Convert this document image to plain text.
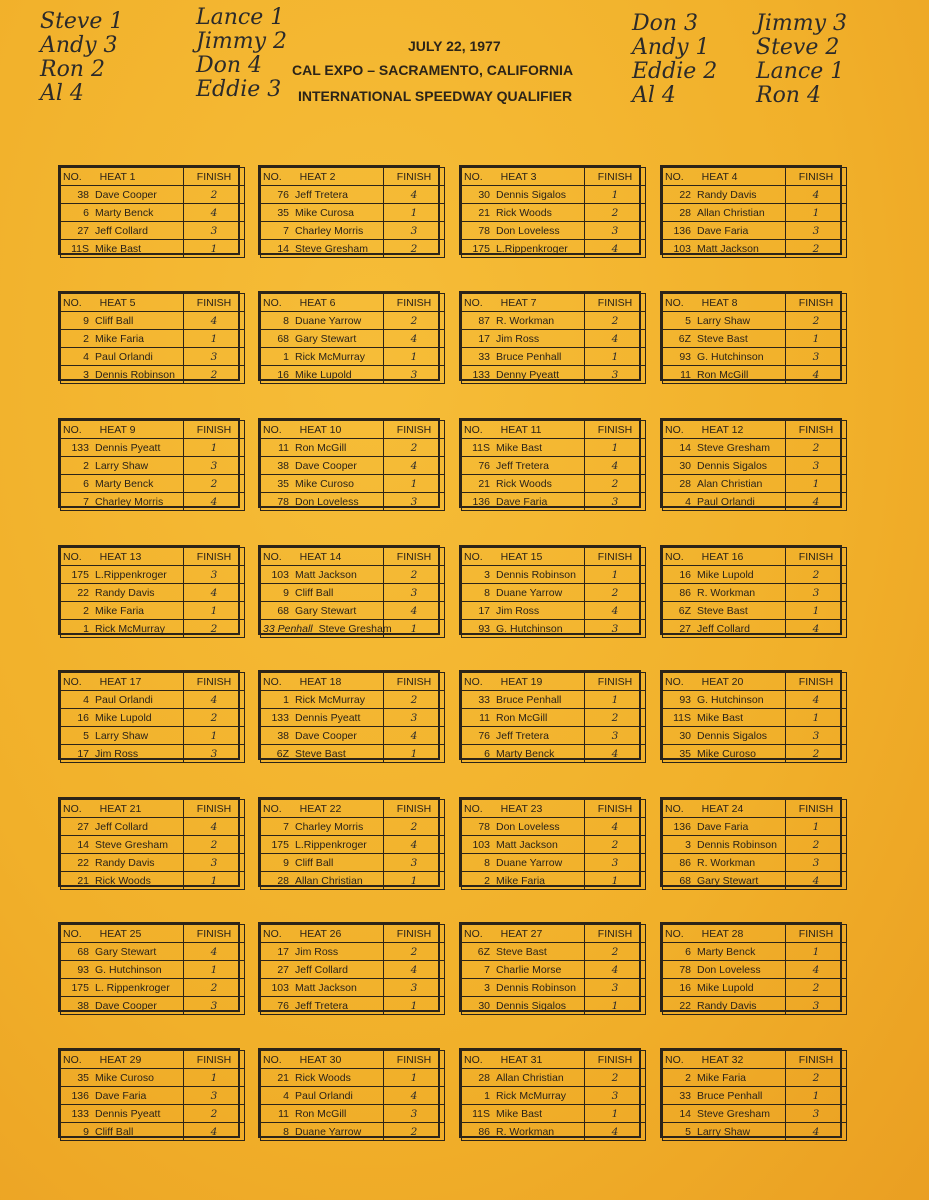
Steve 1
Andy 3
Ron 2
Al 4
Lance 1
Jimmy 2
Don 4
Eddie 3
Don 3
Andy 1
Eddie 2
Al 4
Jimmy 3
Steve 2
Lance 1
Ron 4
JULY 22, 1977
CAL EXPO – SACRAMENTO, CALIFORNIA
INTERNATIONAL SPEEDWAY QUALIFIER
NO. HEAT 1	FINISH
38 Dave Cooper	2
6 Marty Benck	4
27 Jeff Collard	3
11S Mike Bast	1
NO. HEAT 2	FINISH
76 Jeff Tretera	4
35 Mike Curosa	1
7 Charley Morris	3
14 Steve Gresham	2
NO. HEAT 3	FINISH
30 Dennis Sigalos	1
21 Rick Woods	2
78 Don Loveless	3
175 L.Rippenkroger	4
NO. HEAT 4	FINISH
22 Randy Davis	4
28 Allan Christian	1
136 Dave Faria	3
103 Matt Jackson	2
NO. HEAT 5	FINISH
9 Cliff Ball	4
2 Mike Faria	1
4 Paul Orlandi	3
3 Dennis Robinson	2
NO. HEAT 6	FINISH
8 Duane Yarrow	2
68 Gary Stewart	4
1 Rick McMurray	1
16 Mike Lupold	3
NO. HEAT 7	FINISH
87 R. Workman	2
17 Jim Ross	4
33 Bruce Penhall	1
133 Denny Pyeatt	3
NO. HEAT 8	FINISH
5 Larry Shaw	2
6Z Steve Bast	1
93 G. Hutchinson	3
11 Ron McGill	4
NO. HEAT 9	FINISH
133 Dennis Pyeatt	1
2 Larry Shaw	3
6 Marty Benck	2
7 Charley Morris	4
NO. HEAT 10	FINISH
11 Ron McGill	2
38 Dave Cooper	4
35 Mike Curoso	1
78 Don Loveless	3
NO. HEAT 11	FINISH
11S Mike Bast	1
76 Jeff Tretera	4
21 Rick Woods	2
136 Dave Faria	3
NO. HEAT 12	FINISH
14 Steve Gresham	2
30 Dennis Sigalos	3
28 Alan Christian	1
4 Paul Orlandi	4
NO. HEAT 13	FINISH
175 L.Rippenkroger	3
22 Randy Davis	4
2 Mike Faria	1
1 Rick McMurray	2
NO. HEAT 14	FINISH
103 Matt Jackson	2
9 Cliff Ball	3
68 Gary Stewart	4
33 Penhall Steve Gresham	1
NO. HEAT 15	FINISH
3 Dennis Robinson	1
8 Duane Yarrow	2
17 Jim Ross	4
93 G. Hutchinson	3
NO. HEAT 16	FINISH
16 Mike Lupold	2
86 R. Workman	3
6Z Steve Bast	1
27 Jeff Collard	4
NO. HEAT 17	FINISH
4 Paul Orlandi	4
16 Mike Lupold	2
5 Larry Shaw	1
17 Jim Ross	3
NO. HEAT 18	FINISH
1 Rick McMurray	2
133 Dennis Pyeatt	3
38 Dave Cooper	4
6Z Steve Bast	1
NO. HEAT 19	FINISH
33 Bruce Penhall	1
11 Ron McGill	2
76 Jeff Tretera	3
6 Marty Benck	4
NO. HEAT 20	FINISH
93 G. Hutchinson	4
11S Mike Bast	1
30 Dennis Sigalos	3
35 Mike Curoso	2
NO. HEAT 21	FINISH
27 Jeff Collard	4
14 Steve Gresham	2
22 Randy Davis	3
21 Rick Woods	1
NO. HEAT 22	FINISH
7 Charley Morris	2
175 L.Rippenkroger	4
9 Cliff Ball	3
28 Allan Christian	1
NO. HEAT 23	FINISH
78 Don Loveless	4
103 Matt Jackson	2
8 Duane Yarrow	3
2 Mike Faria	1
NO. HEAT 24	FINISH
136 Dave Faria	1
3 Dennis Robinson	2
86 R. Workman	3
68 Gary Stewart	4
NO. HEAT 25	FINISH
68 Gary Stewart	4
93 G. Hutchinson	1
175 L. Rippenkroger	2
38 Dave Cooper	3
NO. HEAT 26	FINISH
17 Jim Ross	2
27 Jeff Collard	4
103 Matt Jackson	3
76 Jeff Tretera	1
NO. HEAT 27	FINISH
6Z Steve Bast	2
7 Charlie Morse	4
3 Dennis Robinson	3
30 Dennis Sigalos	1
NO. HEAT 28	FINISH
6 Marty Benck	1
78 Don Loveless	4
16 Mike Lupold	2
22 Randy Davis	3
NO. HEAT 29	FINISH
35 Mike Curoso	1
136 Dave Faria	3
133 Dennis Pyeatt	2
9 Cliff Ball	4
NO. HEAT 30	FINISH
21 Rick Woods	1
4 Paul Orlandi	4
11 Ron McGill	3
8 Duane Yarrow	2
NO. HEAT 31	FINISH
28 Allan Christian	2
1 Rick McMurray	3
11S Mike Bast	1
86 R. Workman	4
NO. HEAT 32	FINISH
2 Mike Faria	2
33 Bruce Penhall	1
14 Steve Gresham	3
5 Larry Shaw	4
